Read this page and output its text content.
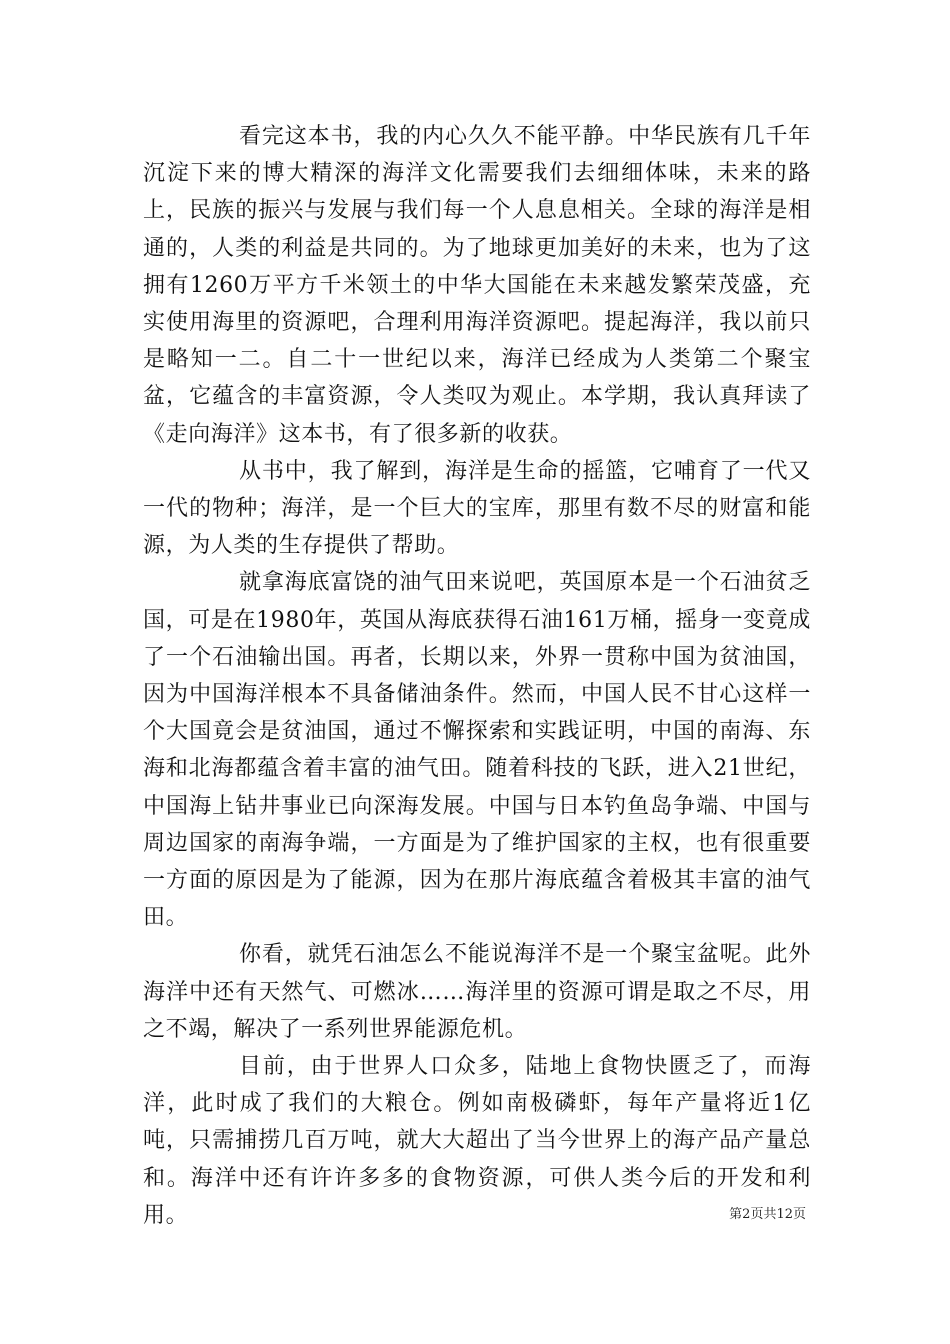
看完这本书，我的内心久久不能平静。中华民族有几千年沉淀下来的博大精深的海洋文化需要我们去细细体味，未来的路上，民族的振兴与发展与我们每一个人息息相关。全球的海洋是相通的，人类的利益是共同的。为了地球更加美好的未来，也为了这拥有1260万平方千米领土的中华大国能在未来越发繁荣茂盛，充实使用海里的资源吧，合理利用海洋资源吧。提起海洋，我以前只是略知一二。自二十一世纪以来，海洋已经成为人类第二个聚宝盆，它蕴含的丰富资源，令人类叹为观止。本学期，我认真拜读了《走向海洋》这本书，有了很多新的收获。

从书中，我了解到，海洋是生命的摇篮，它哺育了一代又一代的物种；海洋，是一个巨大的宝库，那里有数不尽的财富和能源，为人类的生存提供了帮助。

就拿海底富饶的油气田来说吧，英国原本是一个石油贫乏国，可是在1980年，英国从海底获得石油161万桶，摇身一变竟成了一个石油输出国。再者，长期以来，外界一贯称中国为贫油国，因为中国海洋根本不具备储油条件。然而，中国人民不甘心这样一个大国竟会是贫油国，通过不懈探索和实践证明，中国的南海、东海和北海都蕴含着丰富的油气田。随着科技的飞跃，进入21世纪，中国海上钻井事业已向深海发展。中国与日本钓鱼岛争端、中国与周边国家的南海争端，一方面是为了维护国家的主权，也有很重要一方面的原因是为了能源，因为在那片海底蕴含着极其丰富的油气田。

你看，就凭石油怎么不能说海洋不是一个聚宝盆呢。此外海洋中还有天然气、可燃冰……海洋里的资源可谓是取之不尽，用之不竭，解决了一系列世界能源危机。

目前，由于世界人口众多，陆地上食物快匮乏了，而海洋，此时成了我们的大粮仓。例如南极磷虾，每年产量将近1亿吨，只需捕捞几百万吨，就大大超出了当今世界上的海产品产量总和。海洋中还有许许多多的食物资源，可供人类今后的开发和利用。	第2页共12页
